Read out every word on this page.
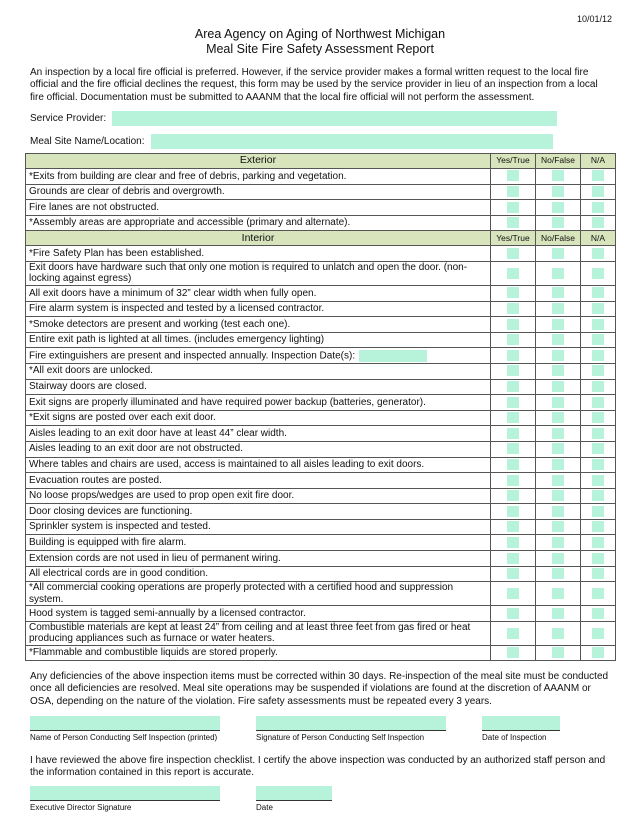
10/01/12
Area Agency on Aging of Northwest Michigan
Meal Site Fire Safety Assessment Report
An inspection by a local fire official is preferred. However, if the service provider makes a formal written request to the local fire official and the fire official declines the request, this form may be used by the service provider in lieu of an inspection from a local fire official. Documentation must be submitted to AAANM that the local fire official will not perform the assessment.
Service Provider:
Meal Site Name/Location:
Exterior	Yes/True	No/False	N/A
*Exits from building are clear and free of debris, parking and vegetation.			
Grounds are clear of debris and overgrowth.			
Fire lanes are not obstructed.			
*Assembly areas are appropriate and accessible (primary and alternate).			
Interior	Yes/True	No/False	N/A
*Fire Safety Plan has been established.			
Exit doors have hardware such that only one motion is required to unlatch and open the door. (non-locking against egress)			
All exit doors have a minimum of 32” clear width when fully open.			
Fire alarm system is inspected and tested by a licensed contractor.			
*Smoke detectors are present and working (test each one).			
Entire exit path is lighted at all times. (includes emergency lighting)			
Fire extinguishers are present and inspected annually. Inspection Date(s):			
*All exit doors are unlocked.			
Stairway doors are closed.			
Exit signs are properly illuminated and have required power backup (batteries, generator).			
*Exit signs are posted over each exit door.			
Aisles leading to an exit door have at least 44” clear width.			
Aisles leading to an exit door are not obstructed.			
Where tables and chairs are used, access is maintained to all aisles leading to exit doors.			
Evacuation routes are posted.			
No loose props/wedges are used to prop open exit fire door.			
Door closing devices are functioning.			
Sprinkler system is inspected and tested.			
Building is equipped with fire alarm.			
Extension cords are not used in lieu of permanent wiring.			
All electrical cords are in good condition.			
*All commercial cooking operations are properly protected with a certified hood and suppression system.			
Hood system is tagged semi-annually by a licensed contractor.			
Combustible materials are kept at least 24” from ceiling and at least three feet from gas fired or heat producing appliances such as furnace or water heaters.			
*Flammable and combustible liquids are stored properly.			
Any deficiencies of the above inspection items must be corrected within 30 days. Re-inspection of the meal site must be conducted once all deficiencies are resolved. Meal site operations may be suspended if violations are found at the discretion of AAANM or OSA, depending on the nature of the violation. Fire safety assessments must be repeated every 3 years.
Name of Person Conducting Self Inspection (printed)	Signature of Person Conducting Self Inspection	Date of Inspection
I have reviewed the above fire inspection checklist. I certify the above inspection was conducted by an authorized staff person and the information contained in this report is accurate.
Executive Director Signature	Date
